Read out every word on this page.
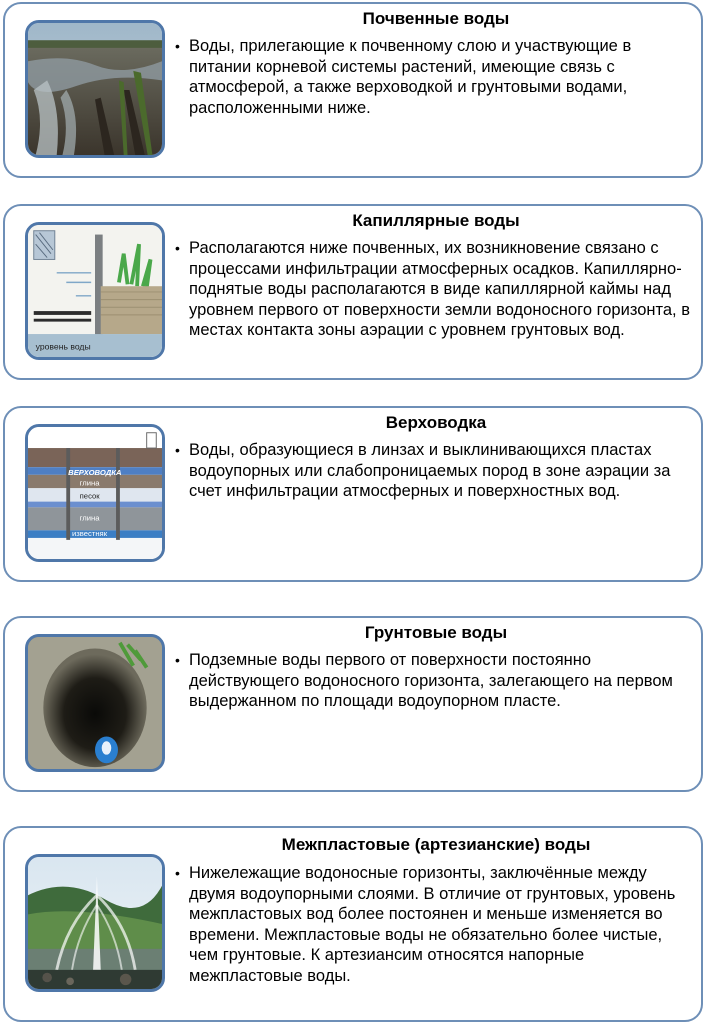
Почвенные воды
• Воды, прилегающие к почвенному слою и участвующие в питании корневой системы растений, имеющие связь с атмосферой, а также верховодкой и грунтовыми водами, расположенными ниже.

уровень воды
Капиллярные воды
• Располагаются ниже почвенных, их возникновение связано с процессами инфильтрации атмосферных осадков. Капиллярно-поднятые воды располагаются в виде капиллярной каймы над уровнем первого от поверхности земли водоносного горизонта, в местах контакта зоны аэрации с уровнем грунтовых вод.

ВЕРХОВОДКА
глина
песок
глина
известняк
Верховодка
• Воды, образующиеся в линзах и выклинивающихся пластах водоупорных или слабопроницаемых пород в зоне аэрации за счет инфильтрации атмосферных и поверхностных вод.

Грунтовые воды
• Подземные воды первого от поверхности постоянно действующего водоносного горизонта, залегающего на первом выдержанном по площади водоупорном пласте.

Межпластовые (артезианские) воды
• Нижележащие водоносные горизонты, заключённые между двумя водоупорными слоями. В отличие от грунтовых, уровень межпластовых вод более постоянен и меньше изменяется во времени. Межпластовые воды не обязательно более чистые, чем грунтовые. К артезиансим относятся напорные межпластовые воды.
